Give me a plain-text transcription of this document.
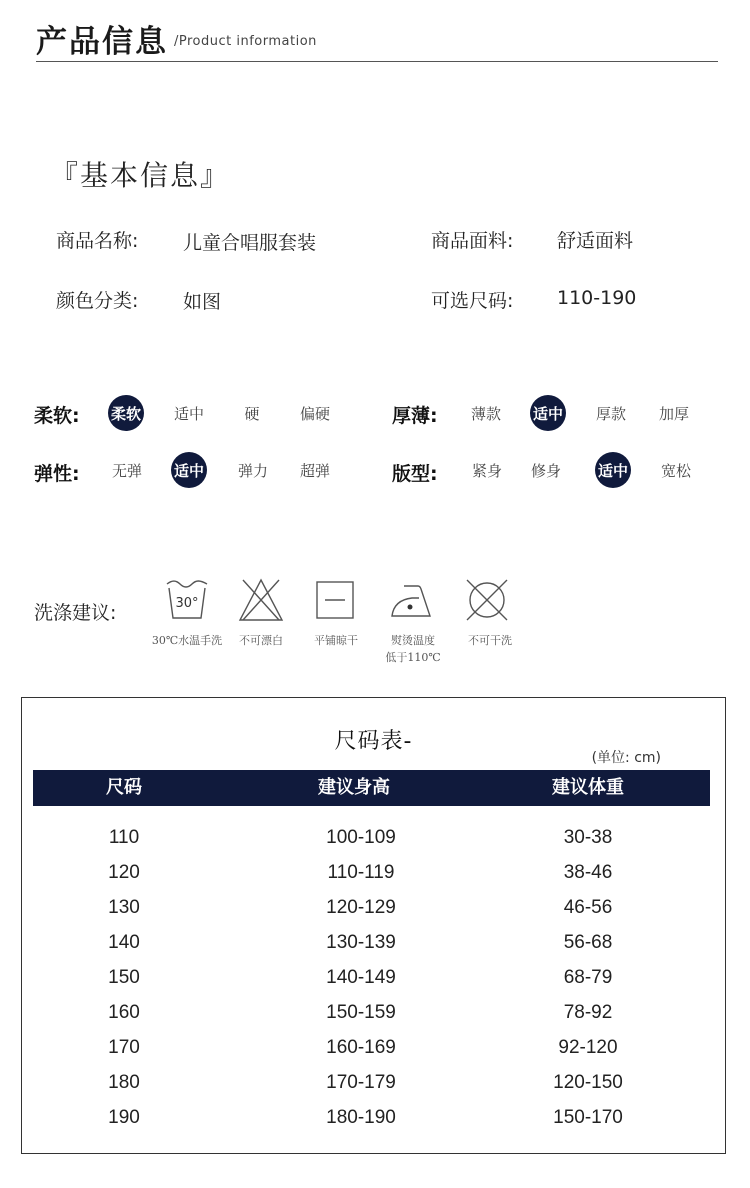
产品信息 /Product information
『基本信息』
商品名称: 儿童合唱服套装	商品面料: 舒适面料
颜色分类: 如图	可选尺码: 110-190
柔软:	厚薄:
弹性:	版型:
柔软 适中	硬	偏硬	薄款 适中 厚款 加厚
无弹 适中 弹力 超弹	紧身 修身 适中 宽松
洗涤建议:	30°
30℃水温手洗	不可漂白	平铺晾干	熨烫温度
低于110℃
不可干洗
尺码表-
(单位: cm)
尺码	建议身高	建议体重
110	100-109	30-38
120	110-119	38-46
130	120-129	46-56
140	130-139	56-68
150	140-149	68-79
160	150-159	78-92
170	160-169	92-120
180	170-179	120-150
190	180-190	150-170
